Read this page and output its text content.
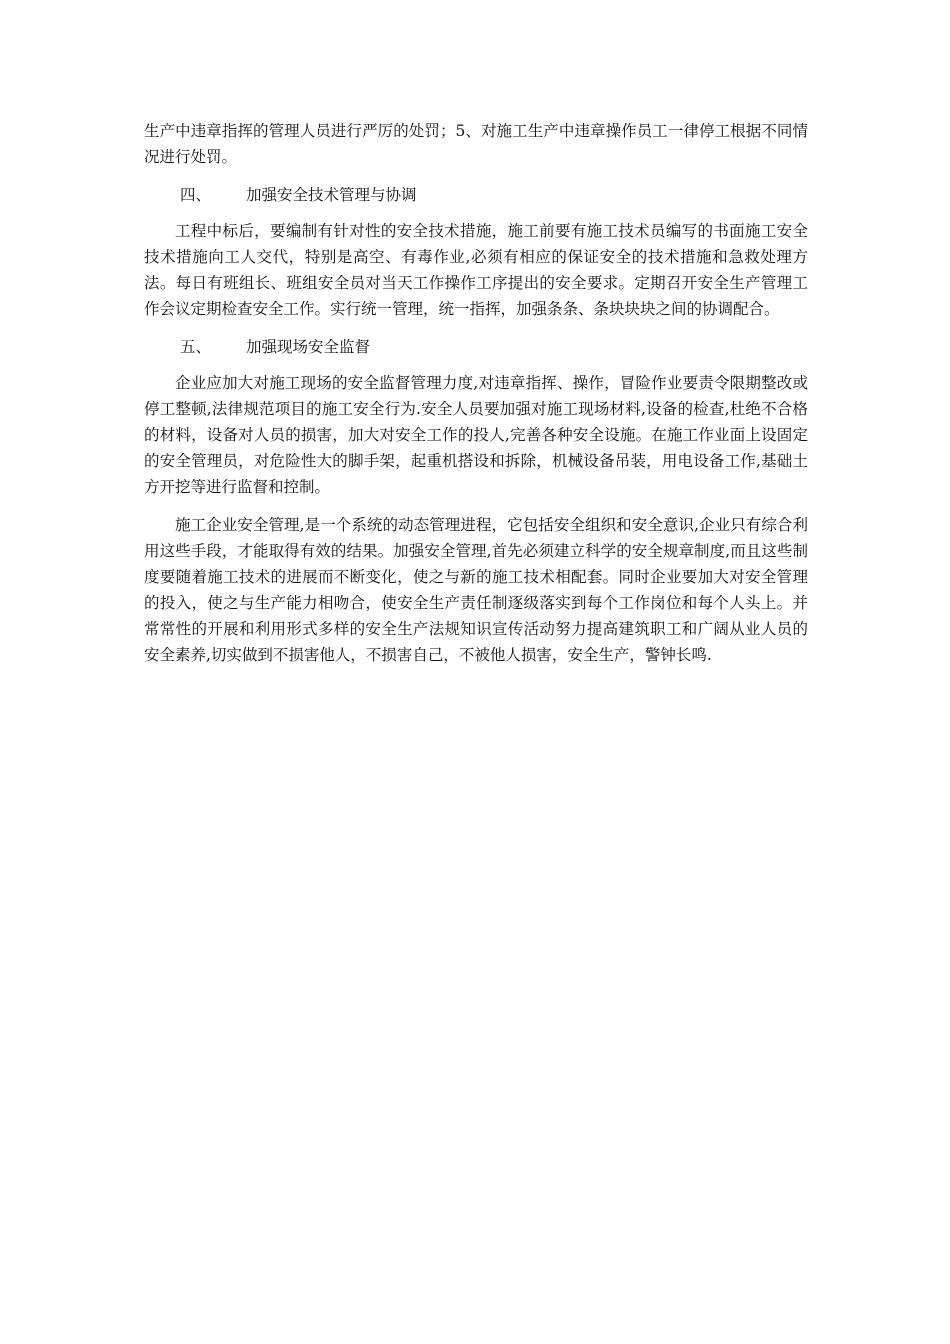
生产中违章指挥的管理人员进行严厉的处罚；5、对施工生产中违章操作员工一律停工根据不同情况进行处罚。

四、 加强安全技术管理与协调

工程中标后，要编制有针对性的安全技术措施，施工前要有施工技术员编写的书面施工安全技术措施向工人交代，特别是高空、有毒作业,必须有相应的保证安全的技术措施和急救处理方法。每日有班组长、班组安全员对当天工作操作工序提出的安全要求。定期召开安全生产管理工作会议定期检查安全工作。实行统一管理，统一指挥，加强条条、条块块块之间的协调配合。

五、 加强现场安全监督

企业应加大对施工现场的安全监督管理力度,对违章指挥、操作，冒险作业要责令限期整改或停工整顿,法律规范项目的施工安全行为.安全人员要加强对施工现场材料,设备的检查,杜绝不合格的材料，设备对人员的损害，加大对安全工作的投人,完善各种安全设施。在施工作业面上设固定的安全管理员，对危险性大的脚手架，起重机搭设和拆除，机械设备吊装，用电设备工作,基础土方开挖等进行监督和控制。

施工企业安全管理,是一个系统的动态管理进程，它包括安全组织和安全意识,企业只有综合利用这些手段，才能取得有效的结果。加强安全管理,首先必须建立科学的安全规章制度,而且这些制度要随着施工技术的进展而不断变化，使之与新的施工技术相配套。同时企业要加大对安全管理的投入，使之与生产能力相吻合，使安全生产责任制逐级落实到每个工作岗位和每个人头上。并常常性的开展和利用形式多样的安全生产法规知识宣传活动努力提高建筑职工和广阔从业人员的安全素养,切实做到不损害他人，不损害自己，不被他人损害，安全生产，警钟长鸣.
